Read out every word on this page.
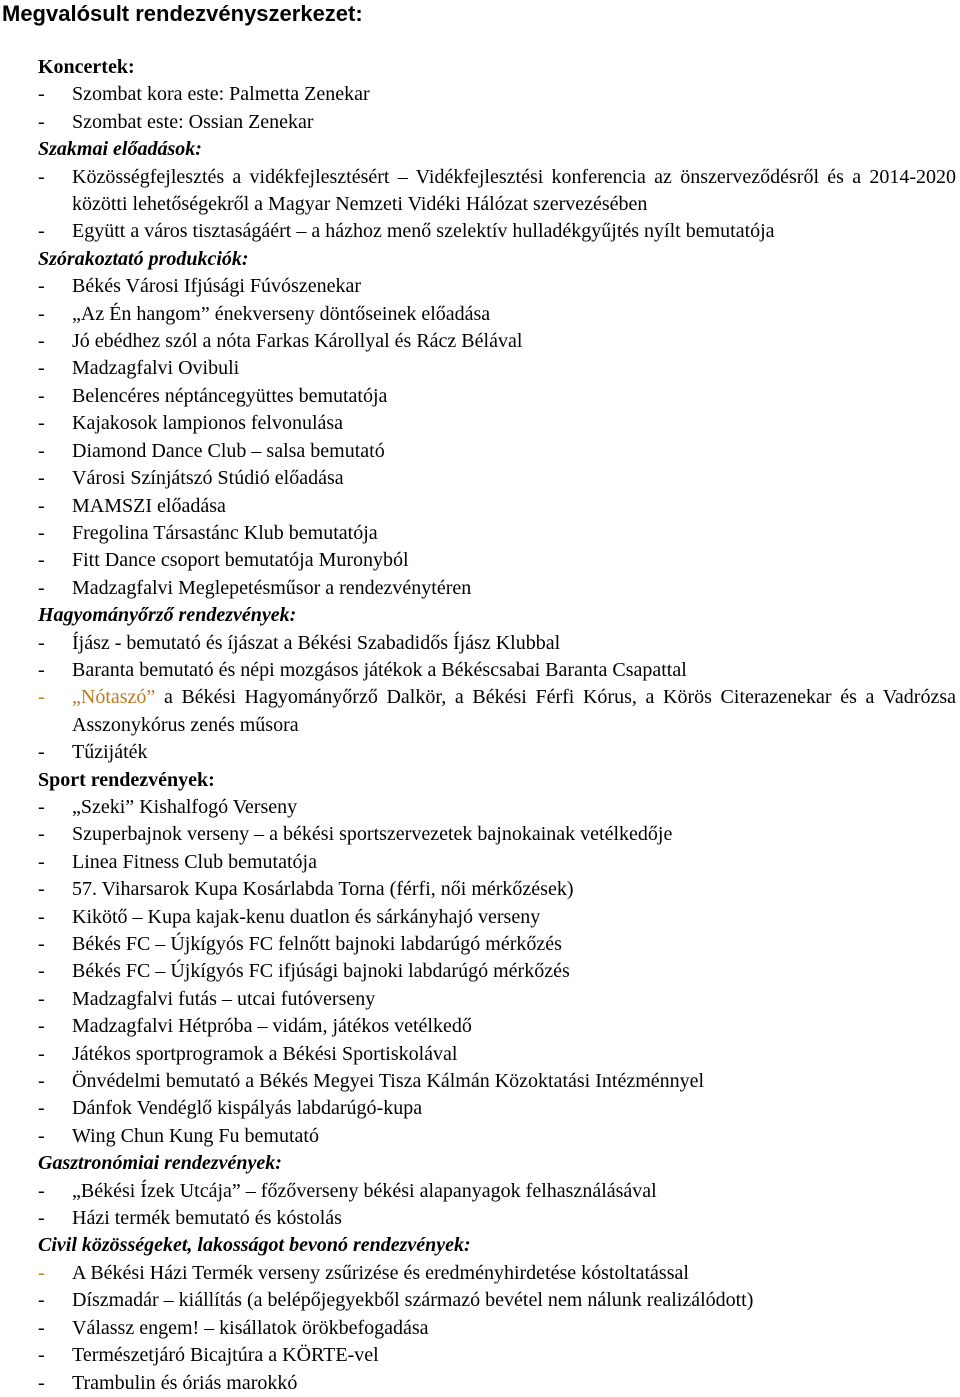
Megvalósult rendezvényszerkezet:
Koncertek:
- Szombat kora este: Palmetta Zenekar
- Szombat este: Ossian Zenekar
Szakmai előadások:
- Közösségfejlesztés a vidékfejlesztésért – Vidékfejlesztési konferencia az önszerveződésről és a 2014-2020 közötti lehetőségekről a Magyar Nemzeti Vidéki Hálózat szervezésében
- Együtt a város tisztaságáért – a házhoz menő szelektív hulladékgyűjtés nyílt bemutatója
Szórakoztató produkciók:
- Békés Városi Ifjúsági Fúvószenekar
- „Az Én hangom” énekverseny döntőseinek előadása
- Jó ebédhez szól a nóta Farkas Károllyal és Rácz Bélával
- Madzagfalvi Ovibuli
- Belencéres néptáncegyüttes bemutatója
- Kajakosok lampionos felvonulása
- Diamond Dance Club – salsa bemutató
- Városi Színjátszó Stúdió előadása
- MAMSZI előadása
- Fregolina Társastánc Klub bemutatója
- Fitt Dance csoport bemutatója Muronyból
- Madzagfalvi Meglepetésműsor a rendezvénytéren
Hagyományőrző rendezvények:
- Íjász - bemutató és íjászat a Békési Szabadidős Íjász Klubbal
- Baranta bemutató és népi mozgásos játékok a Békéscsabai Baranta Csapattal
- „Nótaszó” a Békési Hagyományőrző Dalkör, a Békési Férfi Kórus, a Körös Citerazenekar és a Vadrózsa Asszonykórus zenés műsora
- Tűzijáték
Sport rendezvények:
- „Szeki” Kishalfogó Verseny
- Szuperbajnok verseny – a békési sportszervezetek bajnokainak vetélkedője
- Linea Fitness Club bemutatója
- 57. Viharsarok Kupa Kosárlabda Torna (férfi, női mérkőzések)
- Kikötő – Kupa kajak-kenu duatlon és sárkányhajó verseny
- Békés FC – Újkígyós FC felnőtt bajnoki labdarúgó mérkőzés
- Békés FC – Újkígyós FC ifjúsági bajnoki labdarúgó mérkőzés
- Madzagfalvi futás – utcai futóverseny
- Madzagfalvi Hétpróba – vidám, játékos vetélkedő
- Játékos sportprogramok a Békési Sportiskolával
- Önvédelmi bemutató a Békés Megyei Tisza Kálmán Közoktatási Intézménnyel
- Dánfok Vendéglő kispályás labdarúgó-kupa
- Wing Chun Kung Fu bemutató
Gasztronómiai rendezvények:
- „Békési Ízek Utcája” – főzőverseny békési alapanyagok felhasználásával
- Házi termék bemutató és kóstolás
Civil közösségeket, lakosságot bevonó rendezvények:
- A Békési Házi Termék verseny zsűrizése és eredményhirdetése kóstoltatással
- Díszmadár – kiállítás (a belépőjegyekből származó bevétel nem nálunk realizálódott)
- Válassz engem! – kisállatok örökbefogadása
- Természetjáró Bicajtúra a KÖRTE-vel
- Trambulin és óriás marokkó
